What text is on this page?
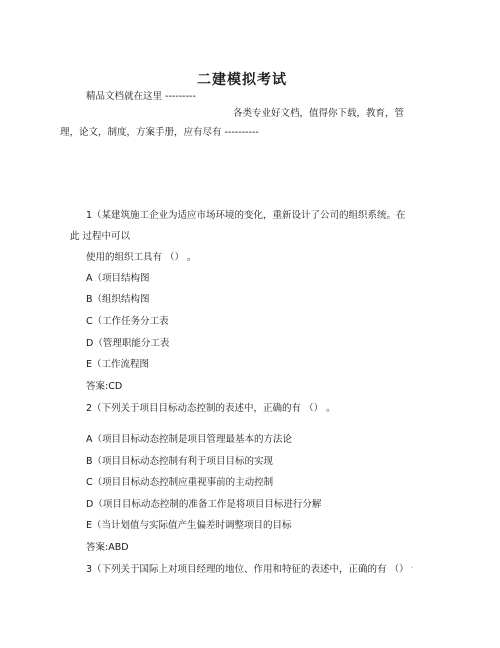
二建模拟考试
精品文档就在这里 ---------
各类专业好文档，值得你下载，教育，管
理，论文，制度，方案手册，应有尽有 ----------
1（某建筑施工企业为适应市场环境的变化，重新设计了公司的组织系统。在
此 过程中可以
使用的组织工具有 （） 。
A（项目结构图
B（组织结构图
C（工作任务分工表
D（管理职能分工表
E（工作流程图
答案:CD
2（下列关于项目目标动态控制的表述中，正确的有 （） 。
A（项目目标动态控制是项目管理最基本的方法论
B（项目目标动态控制有利于项目目标的实现
C（项目目标动态控制应重视事前的主动控制
D（项目目标动态控制的准备工作是将项目目标进行分解
E（当计划值与实际值产生偏差时调整项目的目标
答案:ABD
3（下列关于国际上对项目经理的地位、作用和特征的表述中，正确的有 （） ʻ
